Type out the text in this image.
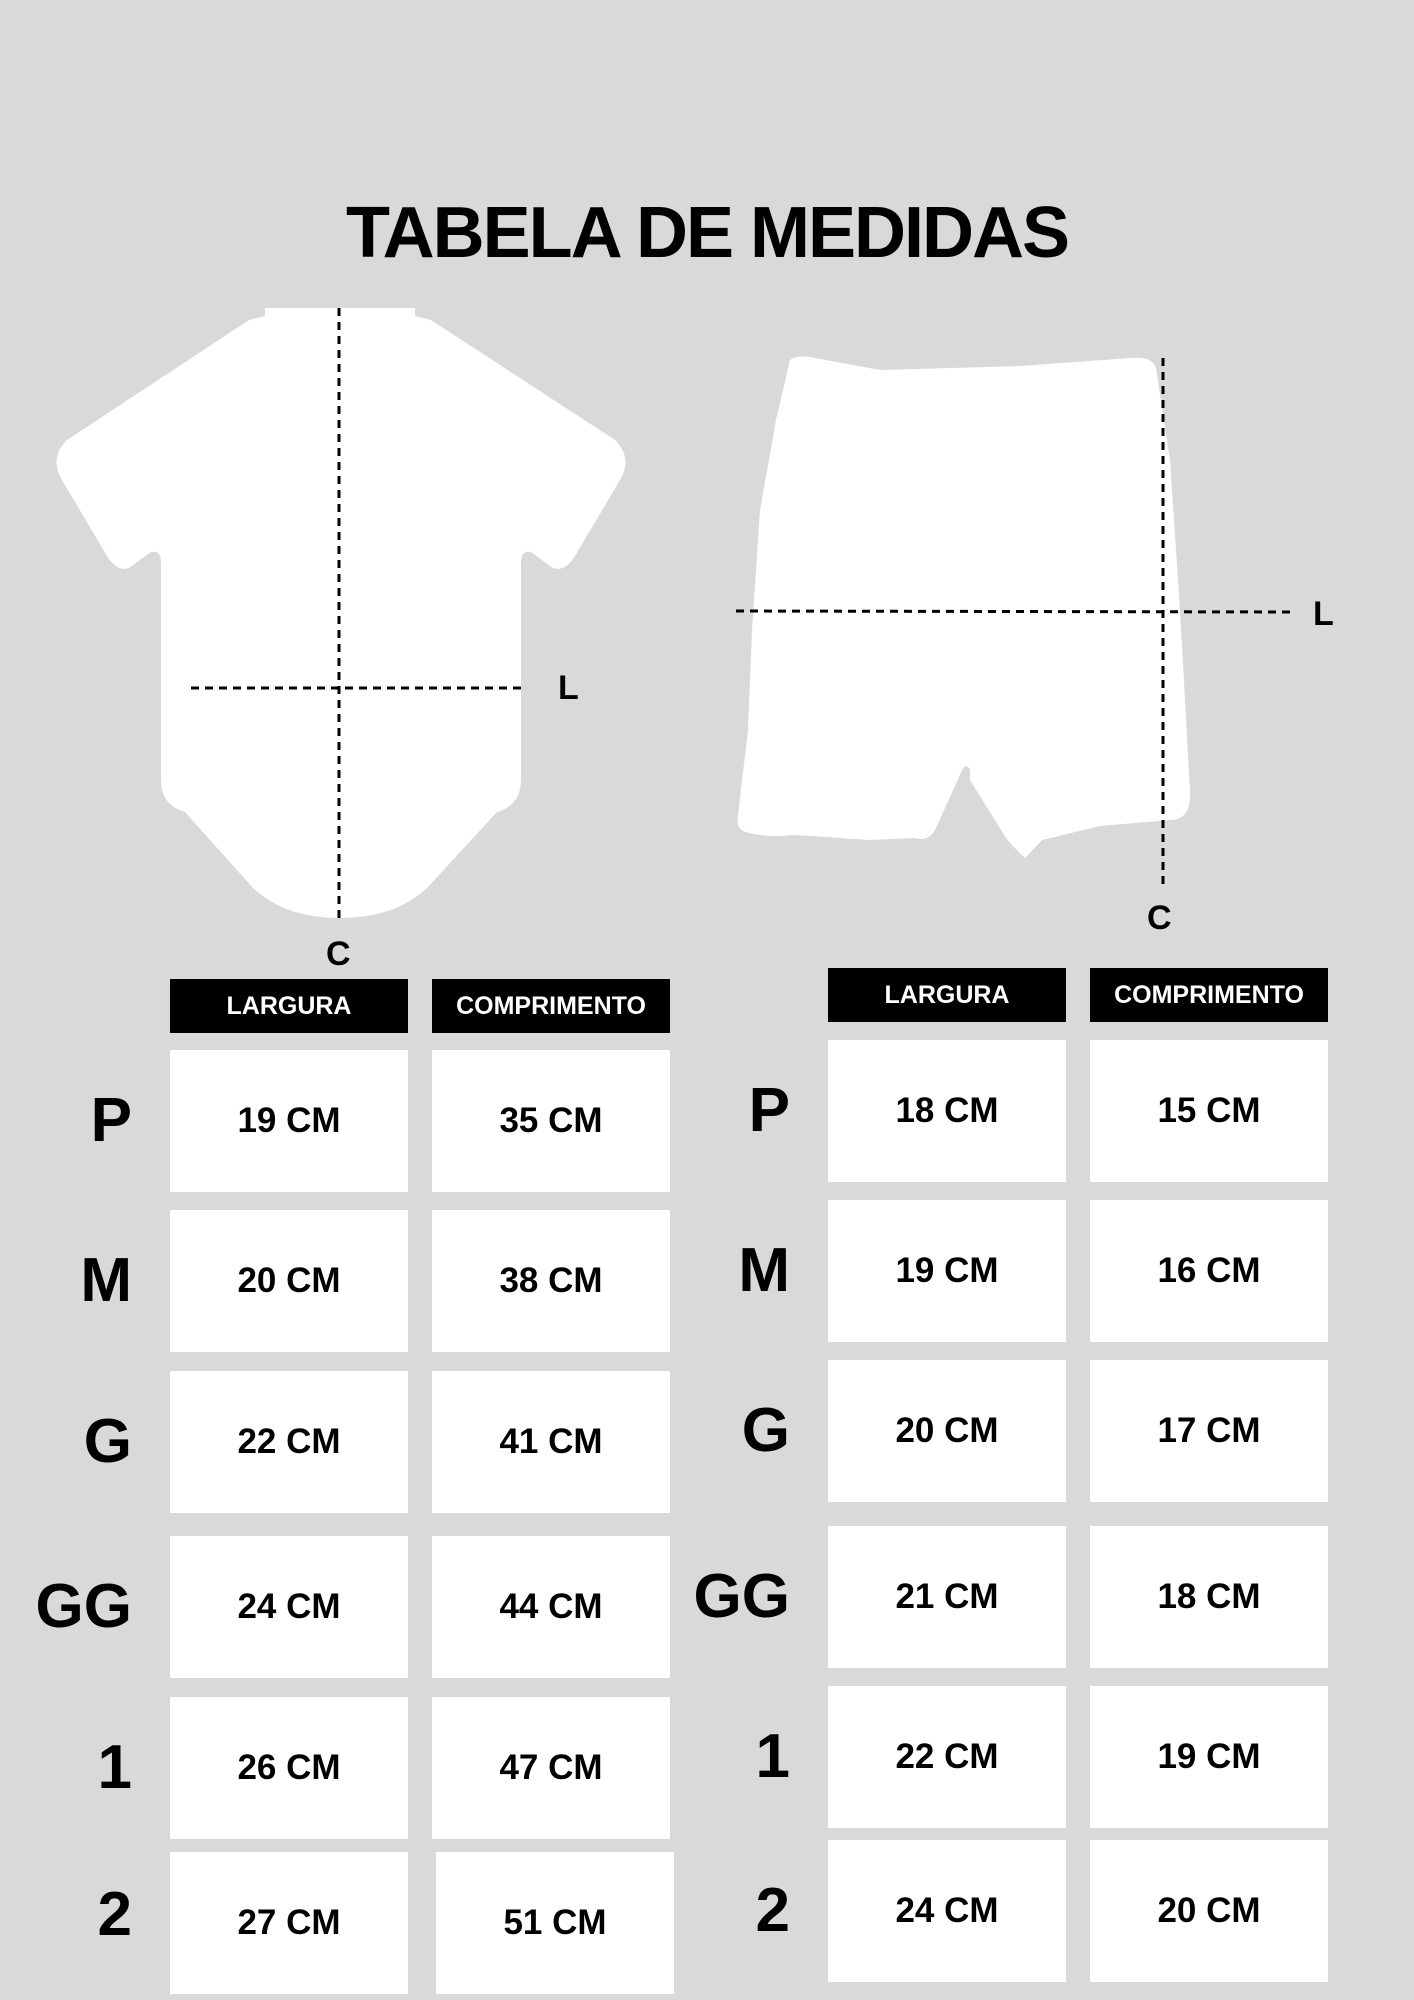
TABELA DE MEDIDAS
C
L
C
L
LARGURA	COMPRIMENTO
P	19 CM	35 CM
M	20 CM	38 CM
G	22 CM	41 CM
GG	24 CM	44 CM
1	26 CM	47 CM
2	27 CM	51 CM
LARGURA	COMPRIMENTO
P	18 CM	15 CM
M	19 CM	16 CM
G	20 CM	17 CM
GG	21 CM	18 CM
1	22 CM	19 CM
2	24 CM	20 CM
